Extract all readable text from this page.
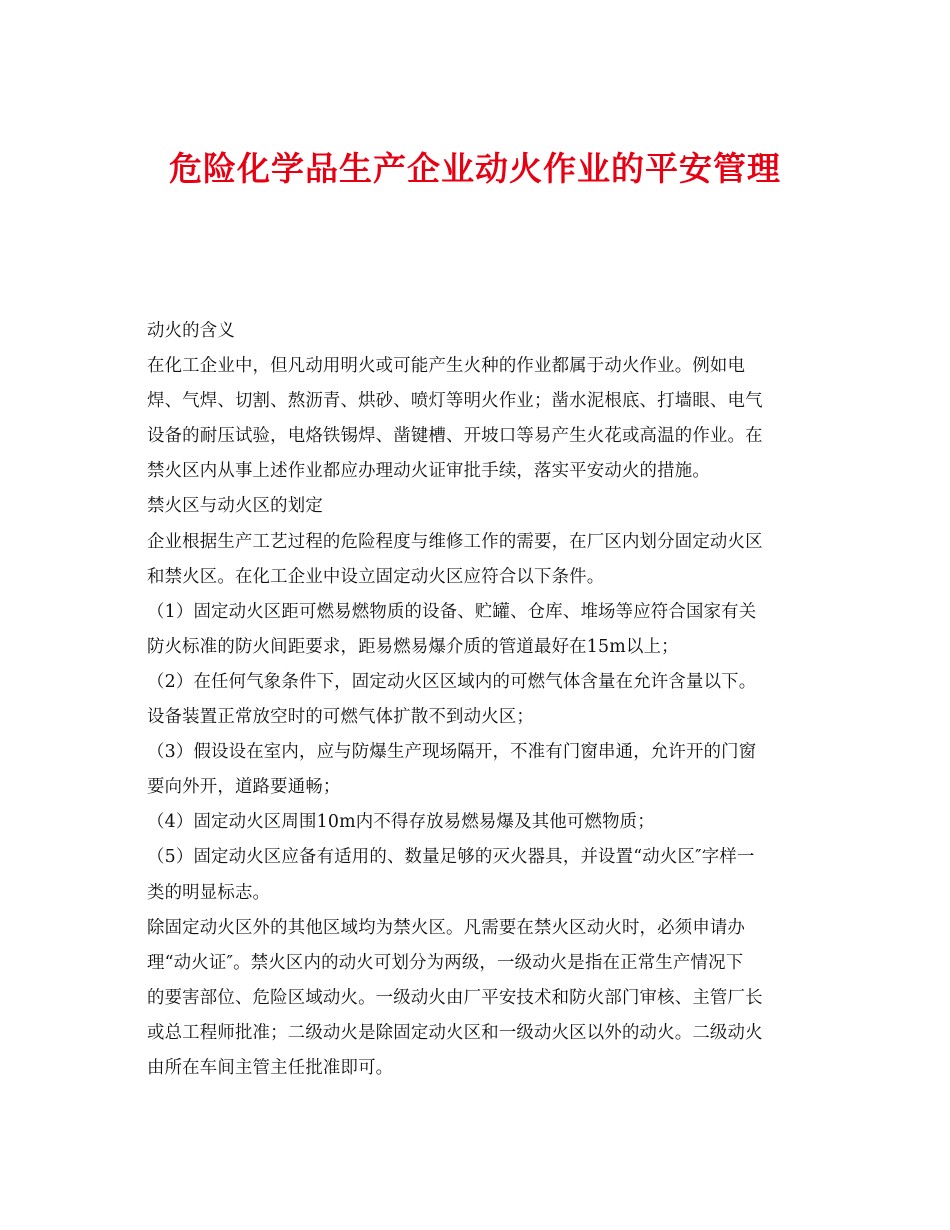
危险化学品生产企业动火作业的平安管理
动火的含义
在化工企业中，但凡动用明火或可能产生火种的作业都属于动火作业。例如电
焊、气焊、切割、熬沥青、烘砂、喷灯等明火作业；凿水泥根底、打墙眼、电气
设备的耐压试验，电烙铁锡焊、凿键槽、开坡口等易产生火花或高温的作业。在
禁火区内从事上述作业都应办理动火证审批手续，落实平安动火的措施。
禁火区与动火区的划定
企业根据生产工艺过程的危险程度与维修工作的需要，在厂区内划分固定动火区
和禁火区。在化工企业中设立固定动火区应符合以下条件。
（1）固定动火区距可燃易燃物质的设备、贮罐、仓库、堆场等应符合国家有关
防火标准的防火间距要求，距易燃易爆介质的管道最好在15m以上；
（2）在任何气象条件下，固定动火区区域内的可燃气体含量在允许含量以下。
设备装置正常放空时的可燃气体扩散不到动火区；
（3）假设设在室内，应与防爆生产现场隔开，不准有门窗串通，允许开的门窗
要向外开，道路要通畅；
（4）固定动火区周围10m内不得存放易燃易爆及其他可燃物质；
（5）固定动火区应备有适用的、数量足够的灭火器具，并设置“动火区″字样一
类的明显标志。
除固定动火区外的其他区域均为禁火区。凡需要在禁火区动火时，必须申请办
理“动火证″。禁火区内的动火可划分为两级，一级动火是指在正常生产情况下
的要害部位、危险区域动火。一级动火由厂平安技术和防火部门审核、主管厂长
或总工程师批准；二级动火是除固定动火区和一级动火区以外的动火。二级动火
由所在车间主管主任批准即可。
